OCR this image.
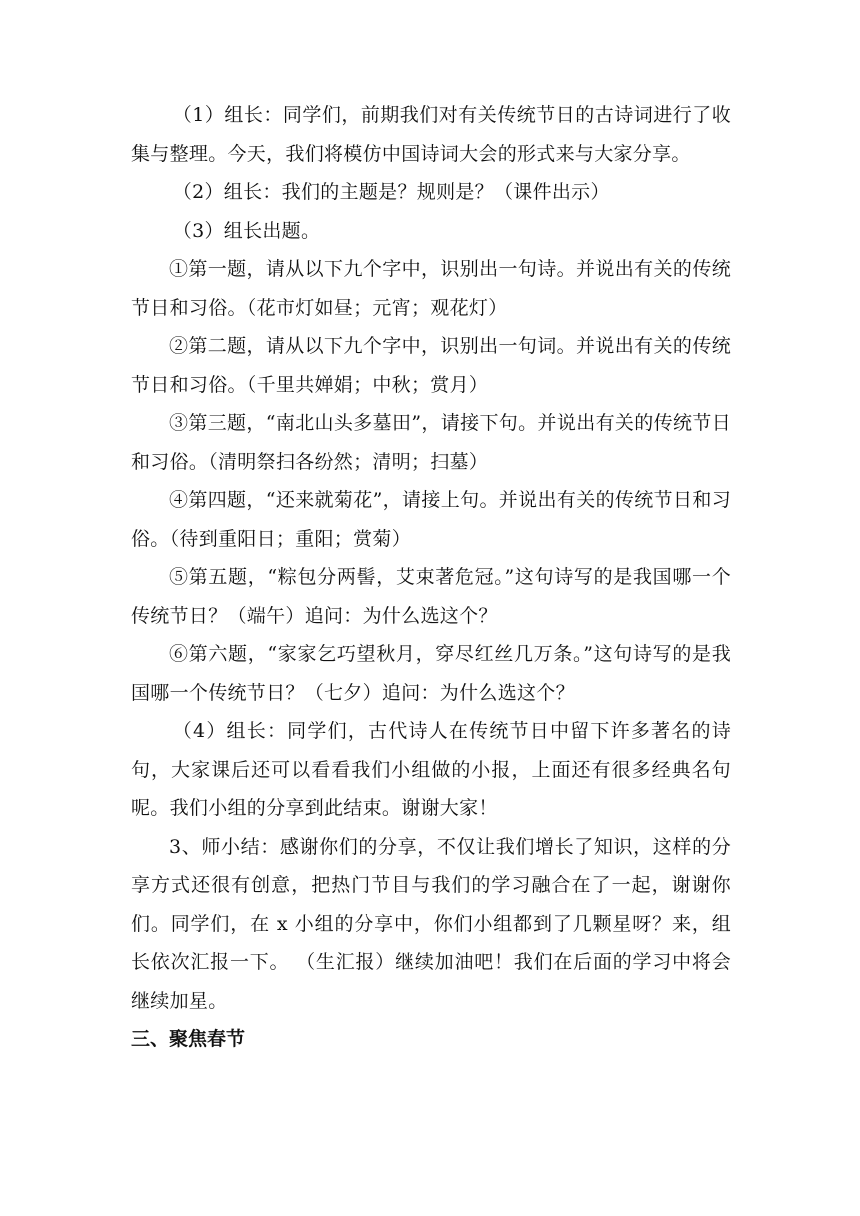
（1）组长：同学们，前期我们对有关传统节日的古诗词进行了收集与整理。今天，我们将模仿中国诗词大会的形式来与大家分享。

（2）组长：我们的主题是？规则是？（课件出示）

（3）组长出题。

①第一题，请从以下九个字中，识别出一句诗。并说出有关的传统节日和习俗。（花市灯如昼；元宵；观花灯）

②第二题，请从以下九个字中，识别出一句词。并说出有关的传统节日和习俗。（千里共婵娟；中秋；赏月）

③第三题，“南北山头多墓田”，请接下句。并说出有关的传统节日和习俗。（清明祭扫各纷然；清明；扫墓）

④第四题，“还来就菊花”，请接上句。并说出有关的传统节日和习俗。（待到重阳日；重阳；赏菊）

⑤第五题，“粽包分两髻，艾束著危冠。”这句诗写的是我国哪一个传统节日？（端午）追问：为什么选这个？

⑥第六题，“家家乞巧望秋月，穿尽红丝几万条。”这句诗写的是我国哪一个传统节日？（七夕）追问：为什么选这个？

（4）组长：同学们，古代诗人在传统节日中留下许多著名的诗句，大家课后还可以看看我们小组做的小报，上面还有很多经典名句呢。我们小组的分享到此结束。谢谢大家！

3、师小结：感谢你们的分享，不仅让我们增长了知识，这样的分享方式还很有创意，把热门节目与我们的学习融合在了一起，谢谢你们。同学们，在 x 小组的分享中，你们小组都到了几颗星呀？来，组长依次汇报一下。 （生汇报）继续加油吧！我们在后面的学习中将会继续加星。

三、聚焦春节
